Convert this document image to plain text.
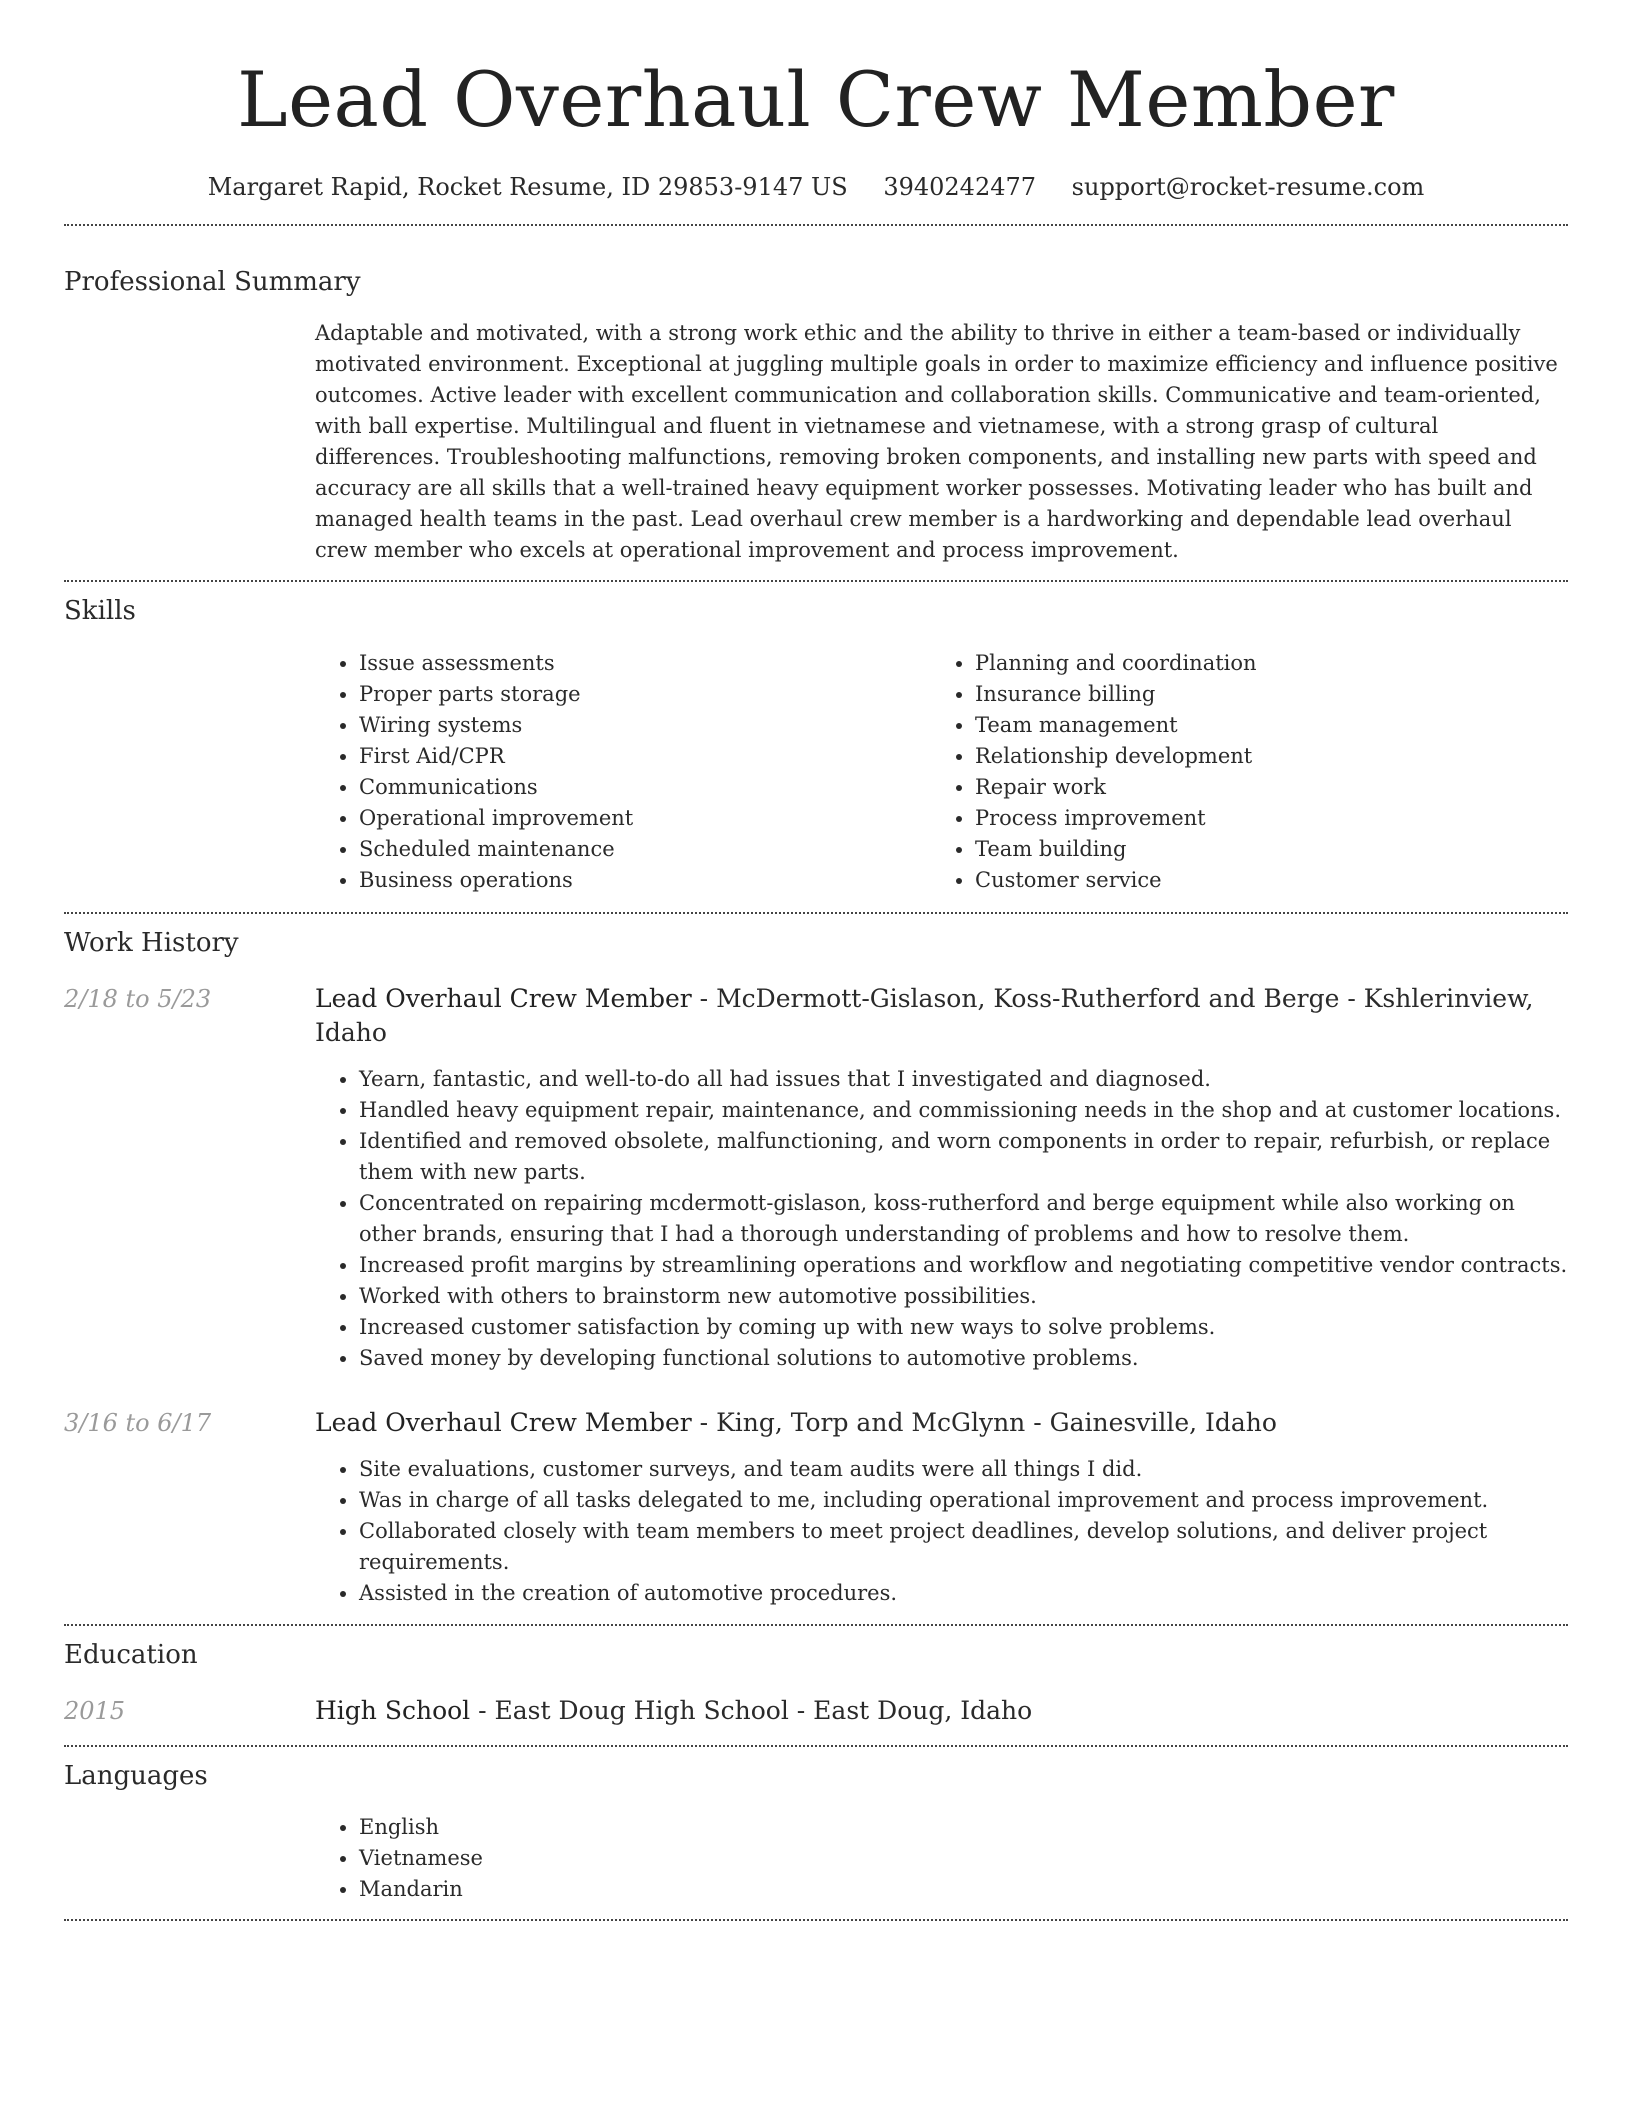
Lead Overhaul Crew Member
Margaret Rapid, Rocket Resume, ID 29853-9147 US 3940242477 support@rocket-resume.com
Professional Summary

Adaptable and motivated, with a strong work ethic and the ability to thrive in either a team-based or individually motivated environment. Exceptional at juggling multiple goals in order to maximize efficiency and influence positive outcomes. Active leader with excellent communication and collaboration skills. Communicative and team-oriented, with ball expertise. Multilingual and fluent in vietnamese and vietnamese, with a strong grasp of cultural differences. Troubleshooting malfunctions, removing broken components, and installing new parts with speed and accuracy are all skills that a well-trained heavy equipment worker possesses. Motivating leader who has built and managed health teams in the past. Lead overhaul crew member is a hardworking and dependable lead overhaul crew member who excels at operational improvement and process improvement.

Skills
• Issue assessments
• Proper parts storage
• Wiring systems
• First Aid/CPR
• Communications
• Operational improvement
• Scheduled maintenance
• Business operations
• Planning and coordination
• Insurance billing
• Team management
• Relationship development
• Repair work
• Process improvement
• Team building
• Customer service
Work History
2/18 to 5/23	Lead Overhaul Crew Member - McDermott-Gislason, Koss-Rutherford and Berge - Kshlerinview, Idaho
• Yearn, fantastic, and well-to-do all had issues that I investigated and diagnosed.
• Handled heavy equipment repair, maintenance, and commissioning needs in the shop and at customer locations.
• Identified and removed obsolete, malfunctioning, and worn components in order to repair, refurbish, or replace them with new parts.
• Concentrated on repairing mcdermott-gislason, koss-rutherford and berge equipment while also working on other brands, ensuring that I had a thorough understanding of problems and how to resolve them.
• Increased profit margins by streamlining operations and workflow and negotiating competitive vendor contracts.
• Worked with others to brainstorm new automotive possibilities.
• Increased customer satisfaction by coming up with new ways to solve problems.
• Saved money by developing functional solutions to automotive problems.
3/16 to 6/17	Lead Overhaul Crew Member - King, Torp and McGlynn - Gainesville, Idaho
• Site evaluations, customer surveys, and team audits were all things I did.
• Was in charge of all tasks delegated to me, including operational improvement and process improvement.
• Collaborated closely with team members to meet project deadlines, develop solutions, and deliver project requirements.
• Assisted in the creation of automotive procedures.
Education
2015	High School - East Doug High School - East Doug, Idaho
Languages
• English
• Vietnamese
• Mandarin
